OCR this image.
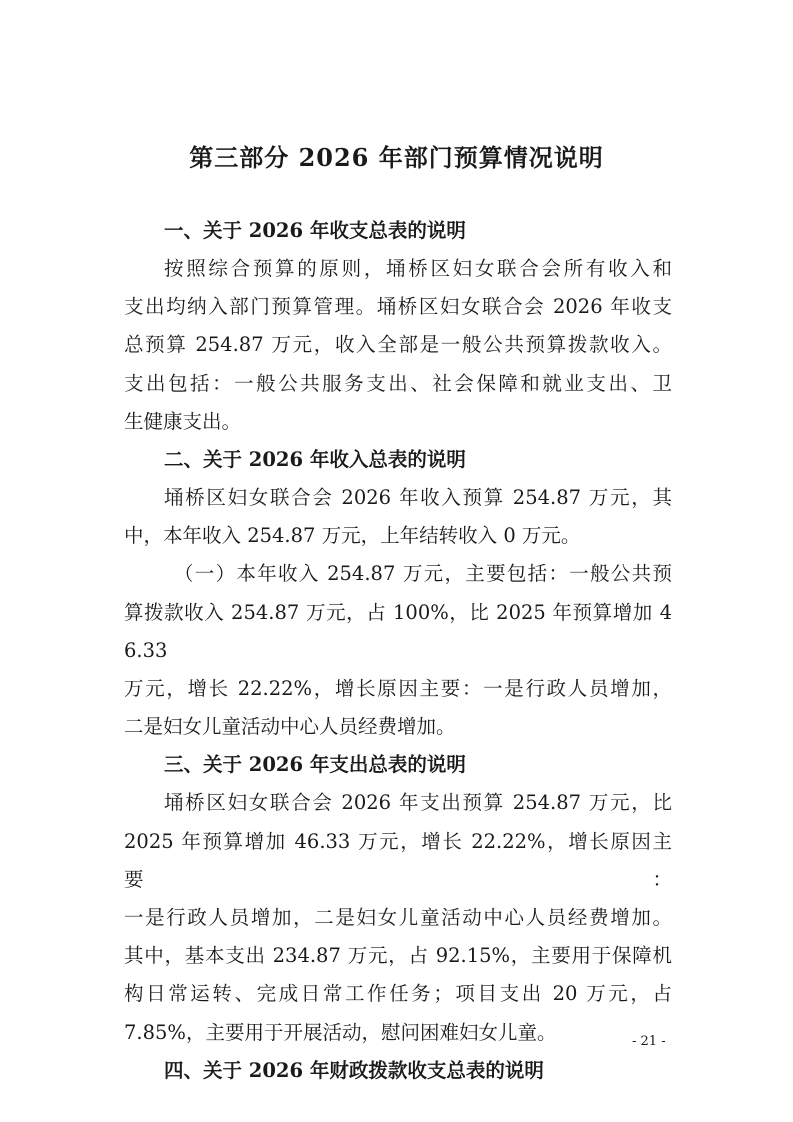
第三部分 2026 年部门预算情况说明
一、关于 2026 年收支总表的说明

按照综合预算的原则，埇桥区妇女联合会所有收入和
支出均纳入部门预算管理。埇桥区妇女联合会 2026 年收支
总预算 254.87 万元，收入全部是一般公共预算拨款收入。
支出包括：一般公共服务支出、社会保障和就业支出、卫
生健康支出。

二、关于 2026 年收入总表的说明

埇桥区妇女联合会 2026 年收入预算 254.87 万元，其
中，本年收入 254.87 万元，上年结转收入 0 万元。

（一）本年收入 254.87 万元，主要包括：一般公共预
算拨款收入 254.87 万元，占 100%，比 2025 年预算增加 46.33
万元，增长 22.22%，增长原因主要：一是行政人员增加，
二是妇女儿童活动中心人员经费增加。

三、关于 2026 年支出总表的说明

埇桥区妇女联合会 2026 年支出预算 254.87 万元，比
2025 年预算增加 46.33 万元，增长 22.22%，增长原因主要：
一是行政人员增加，二是妇女儿童活动中心人员经费增加。
其中，基本支出 234.87 万元，占 92.15%，主要用于保障机
构日常运转、完成日常工作任务；项目支出 20 万元，占
7.85%，主要用于开展活动，慰问困难妇女儿童。

四、关于 2026 年财政拨款收支总表的说明

- 21 -
